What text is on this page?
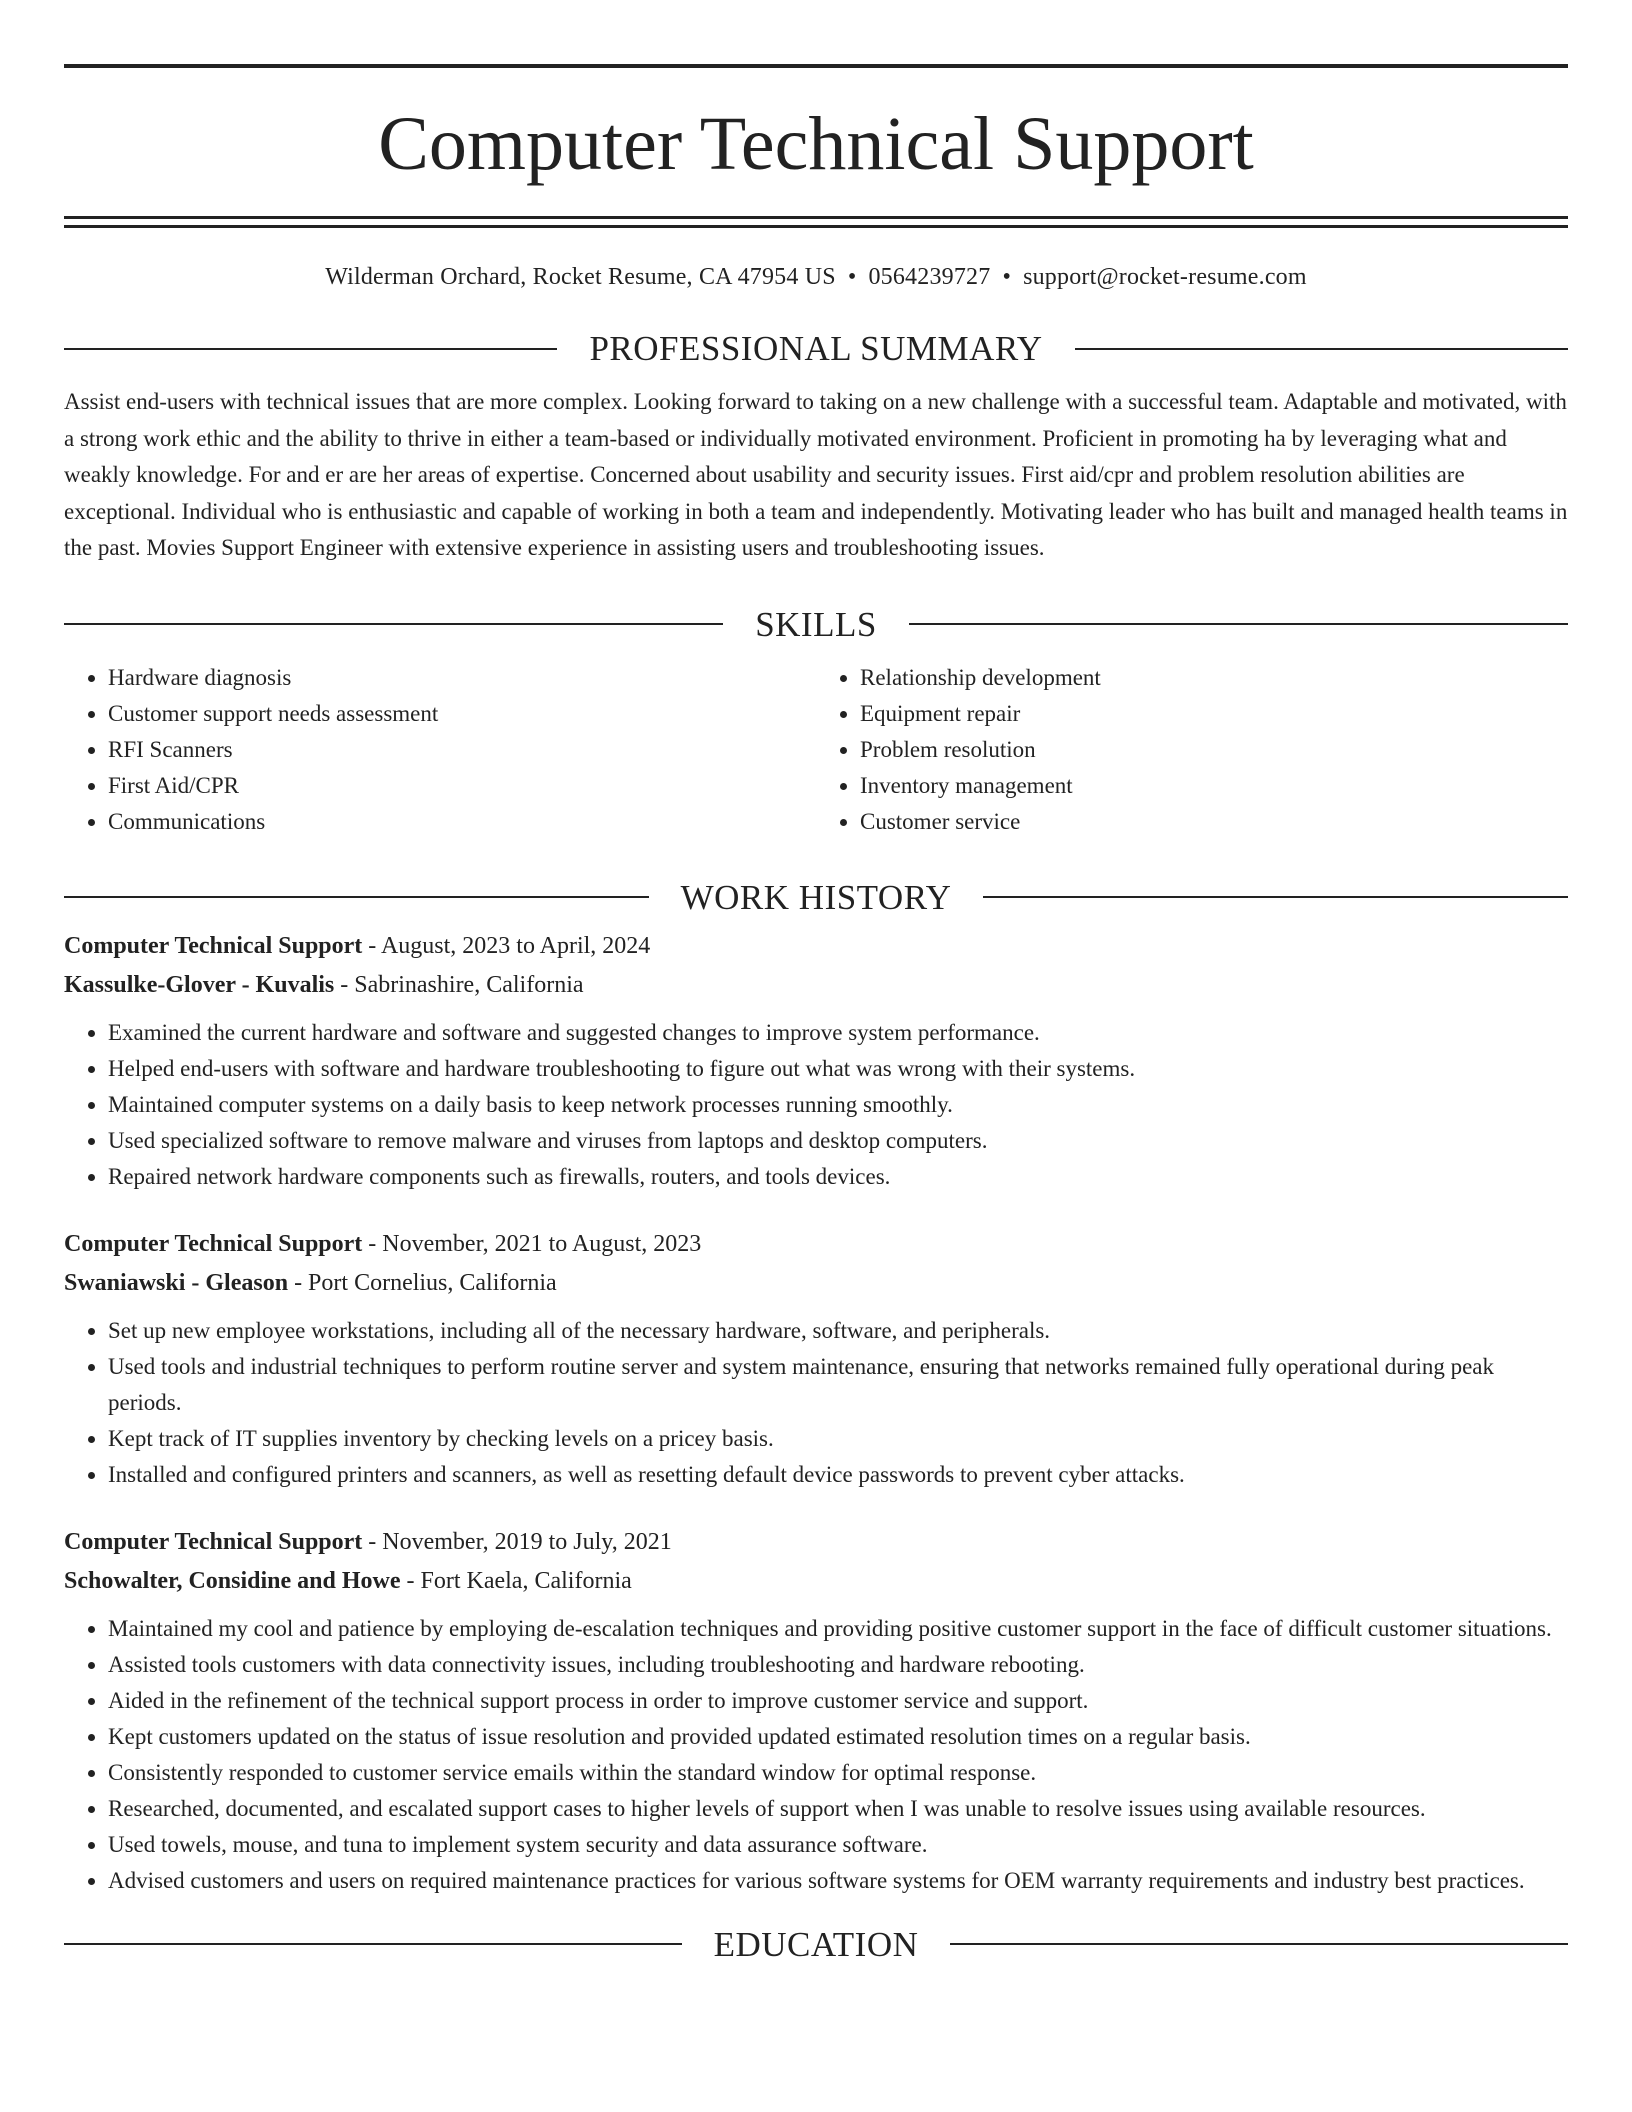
Computer Technical Support
Wilderman Orchard, Rocket Resume, CA 47954 US • 0564239727 • support@rocket-resume.com
PROFESSIONAL SUMMARY

Assist end-users with technical issues that are more complex. Looking forward to taking on a new challenge with a successful team. Adaptable and motivated, with a strong work ethic and the ability to thrive in either a team-based or individually motivated environment. Proficient in promoting ha by leveraging what and weakly knowledge. For and er are her areas of expertise. Concerned about usability and security issues. First aid/cpr and problem resolution abilities are exceptional. Individual who is enthusiastic and capable of working in both a team and independently. Motivating leader who has built and managed health teams in the past. Movies Support Engineer with extensive experience in assisting users and troubleshooting issues.

SKILLS
• Hardware diagnosis
• Customer support needs assessment
• RFI Scanners
• First Aid/CPR
• Communications
• Relationship development
• Equipment repair
• Problem resolution
• Inventory management
• Customer service
WORK HISTORY
Computer Technical Support - August, 2023 to April, 2024
Kassulke-Glover - Kuvalis - Sabrinashire, California
• Examined the current hardware and software and suggested changes to improve system performance.
• Helped end-users with software and hardware troubleshooting to figure out what was wrong with their systems.
• Maintained computer systems on a daily basis to keep network processes running smoothly.
• Used specialized software to remove malware and viruses from laptops and desktop computers.
• Repaired network hardware components such as firewalls, routers, and tools devices.
Computer Technical Support - November, 2021 to August, 2023
Swaniawski - Gleason - Port Cornelius, California
• Set up new employee workstations, including all of the necessary hardware, software, and peripherals.
• Used tools and industrial techniques to perform routine server and system maintenance, ensuring that networks remained fully operational during peak periods.
• Kept track of IT supplies inventory by checking levels on a pricey basis.
• Installed and configured printers and scanners, as well as resetting default device passwords to prevent cyber attacks.
Computer Technical Support - November, 2019 to July, 2021
Schowalter, Considine and Howe - Fort Kaela, California
• Maintained my cool and patience by employing de-escalation techniques and providing positive customer support in the face of difficult customer situations.
• Assisted tools customers with data connectivity issues, including troubleshooting and hardware rebooting.
• Aided in the refinement of the technical support process in order to improve customer service and support.
• Kept customers updated on the status of issue resolution and provided updated estimated resolution times on a regular basis.
• Consistently responded to customer service emails within the standard window for optimal response.
• Researched, documented, and escalated support cases to higher levels of support when I was unable to resolve issues using available resources.
• Used towels, mouse, and tuna to implement system security and data assurance software.
• Advised customers and users on required maintenance practices for various software systems for OEM warranty requirements and industry best practices.
EDUCATION
